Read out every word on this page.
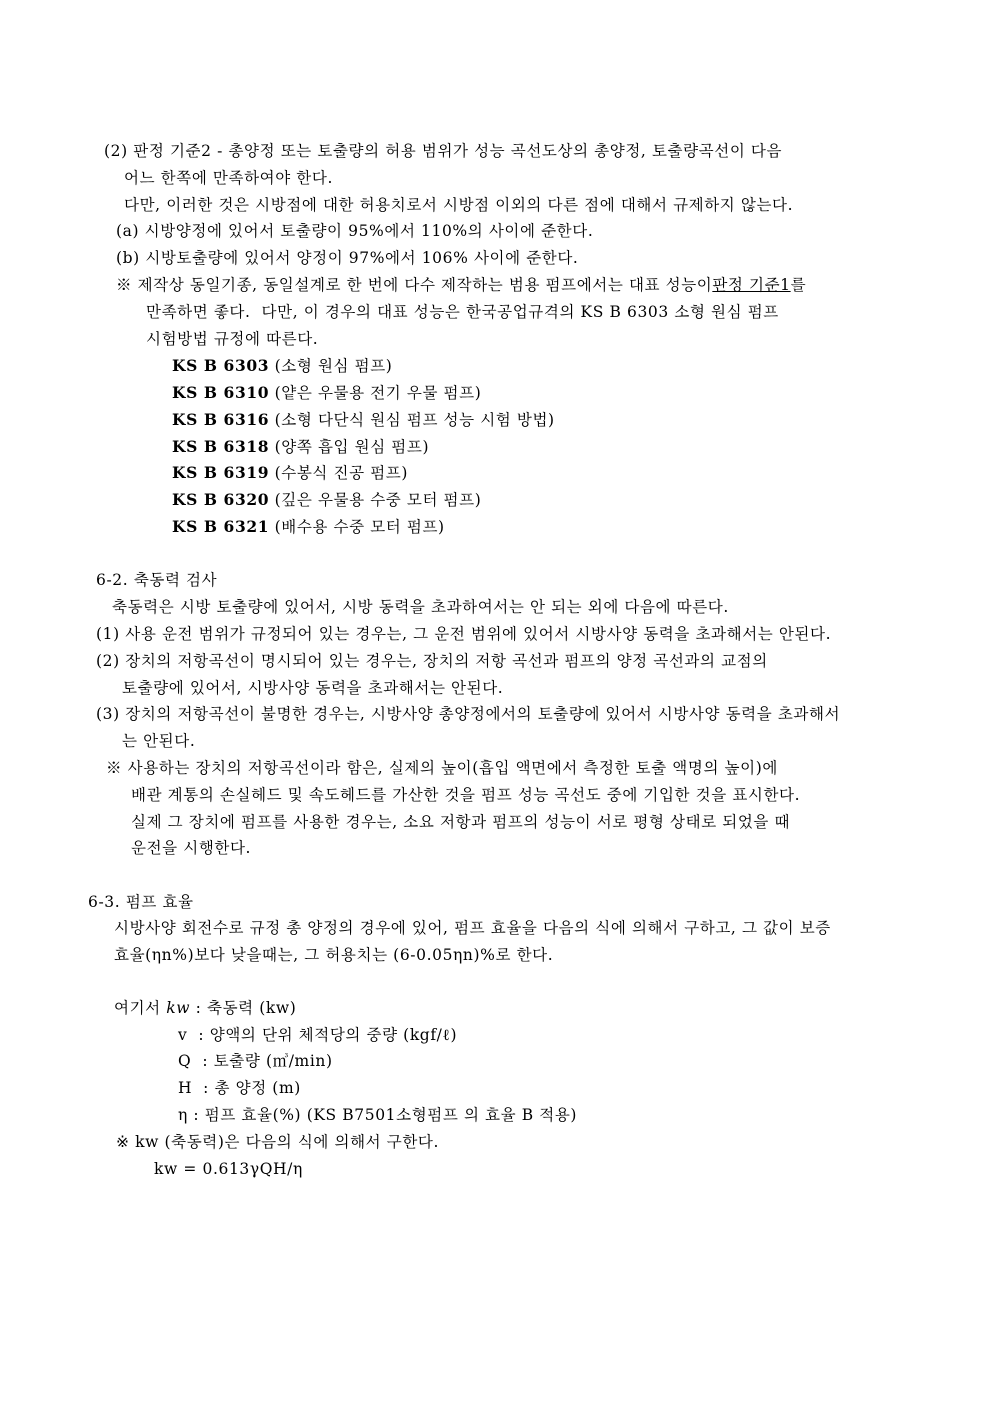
(2) 판정 기준2 - 총양정 또는 토출량의 허용 범위가 성능 곡선도상의 총양정, 토출량곡선이 다음
어느 한쪽에 만족하여야 한다.
다만, 이러한 것은 시방점에 대한 허용치로서 시방점 이외의 다른 점에 대해서 규제하지 않는다.
(a) 시방양정에 있어서 토출량이 95%에서 110%의 사이에 준한다.
(b) 시방토출량에 있어서 양정이 97%에서 106% 사이에 준한다.
※ 제작상 동일기종, 동일설계로 한 번에 다수 제작하는 범용 펌프에서는 대표 성능이판정 기준1를
만족하면 좋다.  다만, 이 경우의 대표 성능은 한국공업규격의 KS B 6303 소형 원심 펌프
시험방법 규정에 따른다.
KS B 6303 (소형 원심 펌프)
KS B 6310 (얕은 우물용 전기 우물 펌프)
KS B 6316 (소형 다단식 원심 펌프 성능 시험 방법)
KS B 6318 (양쪽 흡입 원심 펌프)
KS B 6319 (수봉식 진공 펌프)
KS B 6320 (깊은 우물용 수중 모터 펌프)
KS B 6321 (배수용 수중 모터 펌프)
6-2. 축동력 검사
축동력은 시방 토출량에 있어서, 시방 동력을 초과하여서는 안 되는 외에 다음에 따른다.
(1) 사용 운전 범위가 규정되어 있는 경우는, 그 운전 범위에 있어서 시방사양 동력을 초과해서는 안된다.
(2) 장치의 저항곡선이 명시되어 있는 경우는, 장치의 저항 곡선과 펌프의 양정 곡선과의 교점의
토출량에 있어서, 시방사양 동력을 초과해서는 안된다.
(3) 장치의 저항곡선이 불명한 경우는, 시방사양 총양정에서의 토출량에 있어서 시방사양 동력을 초과해서
는 안된다.
※ 사용하는 장치의 저항곡선이라 함은, 실제의 높이(흡입 액면에서 측정한 토출 액명의 높이)에
배관 계통의 손실헤드 및 속도헤드를 가산한 것을 펌프 성능 곡선도 중에 기입한 것을 표시한다.
실제 그 장치에 펌프를 사용한 경우는, 소요 저항과 펌프의 성능이 서로 평형 상태로 되었을 때
운전을 시행한다.
6-3. 펌프 효율
시방사양 회전수로 규정 총 양정의 경우에 있어, 펌프 효율을 다음의 식에 의해서 구하고, 그 값이 보증
효율(ηn%)보다 낮을때는, 그 허용치는 (6-0.05ηn)%로 한다.
여기서 kw : 축동력 (kw)
v  : 양액의 단위 체적당의 중량 (kgf/ℓ)
Q  : 토출량 (㎥/min)
H  : 총 양정 (m)
η : 펌프 효율(%) (KS B7501소형펌프 의 효율 B 적용)
※ kw (축동력)은 다음의 식에 의해서 구한다.
kw = 0.613γQH/η
